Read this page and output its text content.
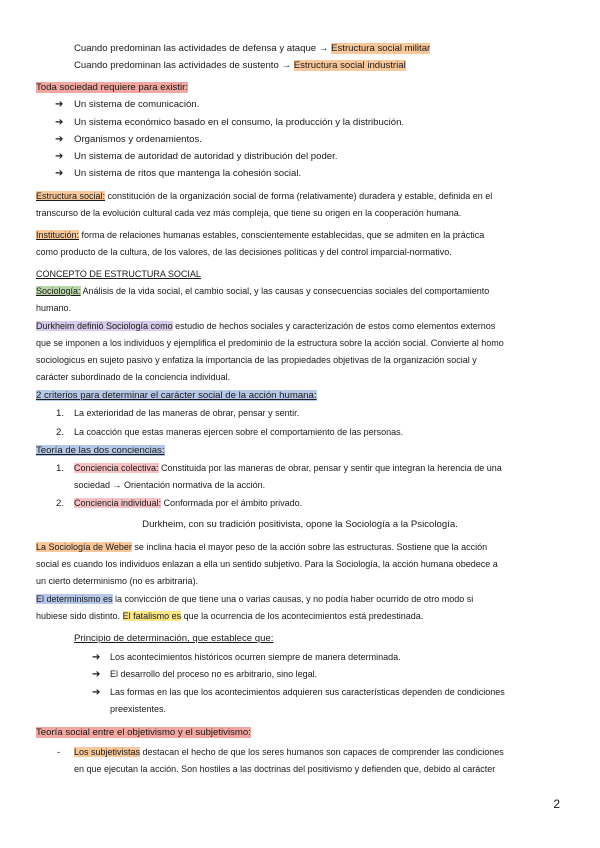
Cuando predominan las actividades de defensa y ataque → Estructura social militar
Cuando predominan las actividades de sustento → Estructura social industrial
Toda sociedad requiere para existir:
➔ Un sistema de comunicación.
➔ Un sistema económico basado en el consumo, la producción y la distribución.
➔ Organismos y ordenamientos.
➔ Un sistema de autoridad de autoridad y distribución del poder.
➔ Un sistema de ritos que mantenga la cohesión social.
Estructura social: constitución de la organización social de forma (relativamente) duradera y estable, definida en el
transcurso de la evolución cultural cada vez más compleja, que tiene su origen en la cooperación humana.
Institución: forma de relaciones humanas estables, conscientemente establecidas, que se admiten en la práctica
como producto de la cultura, de los valores, de las decisiones políticas y del control imparcial-normativo.
CONCEPTO DE ESTRUCTURA SOCIAL
Sociología: Análisis de la vida social, el cambio social, y las causas y consecuencias sociales del comportamiento
humano.
Durkheim definió Sociología como estudio de hechos sociales y caracterización de estos como elementos externos
que se imponen a los individuos y ejemplifica el predominio de la estructura sobre la acción social. Convierte al homo
sociologicus en sujeto pasivo y enfatiza la importancia de las propiedades objetivas de la organización social y
carácter subordinado de la conciencia individual.
2 criterios para determinar el carácter social de la acción humana:
1. La exterioridad de las maneras de obrar, pensar y sentir.
2. La coacción que estas maneras ejercen sobre el comportamiento de las personas.
Teoría de las dos conciencias:
1. Conciencia colectiva: Constituida por las maneras de obrar, pensar y sentir que integran la herencia de una
sociedad → Orientación normativa de la acción.
2. Conciencia individual: Conformada por el ámbito privado.
Durkheim, con su tradición positivista, opone la Sociología a la Psicología.
La Sociología de Weber se inclina hacia el mayor peso de la acción sobre las estructuras. Sostiene que la acción
social es cuando los individuos enlazan a ella un sentido subjetivo. Para la Sociología, la acción humana obedece a
un cierto determinismo (no es arbitraria).
El determinismo es la convicción de que tiene una o varias causas, y no podía haber ocurrido de otro modo si
hubiese sido distinto. El fatalismo es que la ocurrencia de los acontecimientos está predestinada.
Principio de determinación, que establece que:
➔ Los acontecimientos históricos ocurren siempre de manera determinada.
➔ El desarrollo del proceso no es arbitrario, sino legal.
➔ Las formas en las que los acontecimientos adquieren sus características dependen de condiciones
preexistentes.
Teoría social entre el objetivismo y el subjetivismo:
- Los subjetivistas destacan el hecho de que los seres humanos son capaces de comprender las condiciones
en que ejecutan la acción. Son hostiles a las doctrinas del positivismo y defienden que, debido al carácter
2
